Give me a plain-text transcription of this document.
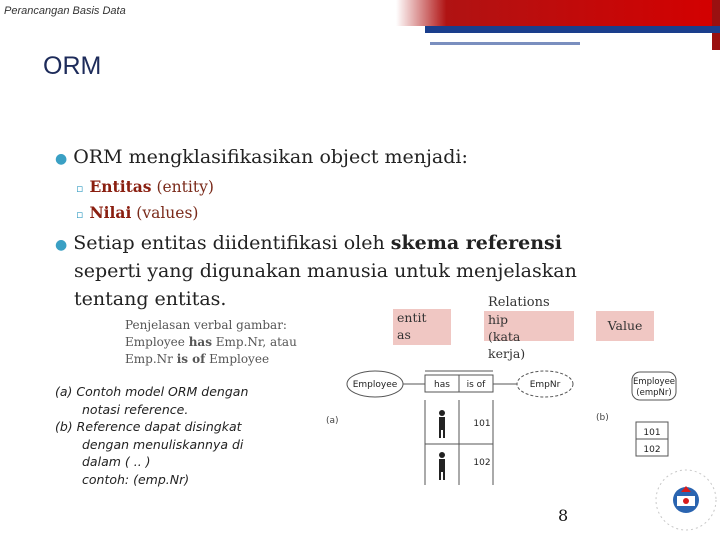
Perancangan Basis Data
ORM
● ORM mengklasifikasikan object menjadi:
▫ Entitas (entity)
▫ Nilai (values)
● Setiap entitas diidentifikasi oleh skema referensi
seperti yang digunakan manusia untuk menjelaskan
tentang entitas.
Penjelasan verbal gambar:
Employee has Emp.Nr, atau
Emp.Nr is of Employee
entit
as
Relations
hip
(kata
kerja)
Value
(a) Contoh model ORM dengan
notasi reference.
(b) Reference dapat disingkat
dengan menuliskannya di
dalam ( .. )
contoh: (emp.Nr)
Employee	has is of	EmpNr
(a)	101
102
Employee
(empNr)
(b)
101
102
8
